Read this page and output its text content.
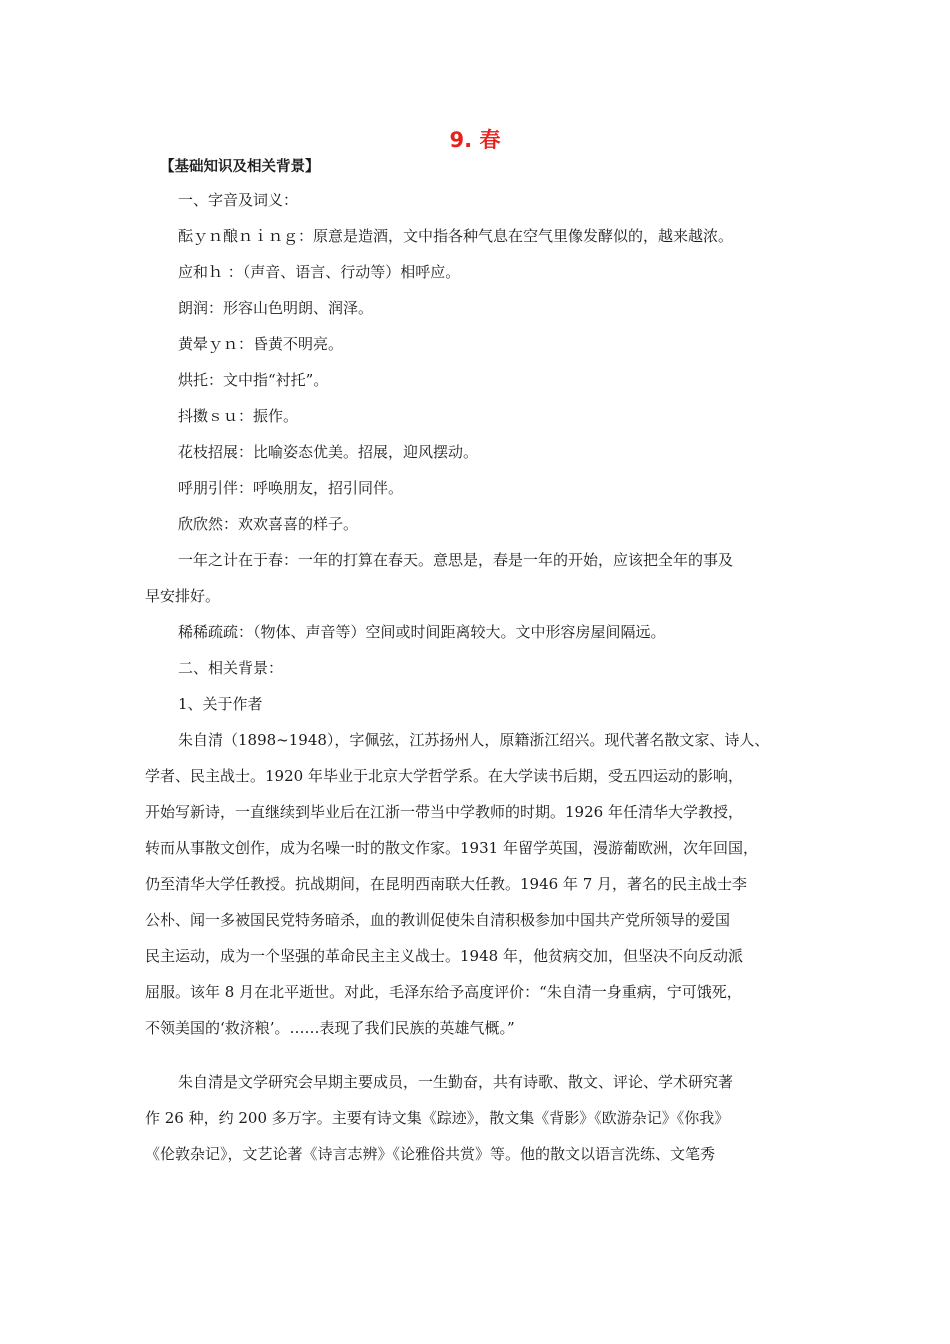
9. 春
【基础知识及相关背景】

一、字音及词义：

酝ｙｎ酿ｎｉｎｇ：原意是造酒，文中指各种气息在空气里像发酵似的，越来越浓。

应和ｈ ：（声音、语言、行动等）相呼应。

朗润：形容山色明朗、润泽。

黄晕ｙｎ：昏黄不明亮。

烘托：文中指“衬托”。

抖擞ｓｕ：振作。

花枝招展：比喻姿态优美。招展，迎风摆动。

呼朋引伴：呼唤朋友，招引同伴。

欣欣然：欢欢喜喜的样子。

一年之计在于春：一年的打算在春天。意思是，春是一年的开始，应该把全年的事及

早安排好。

稀稀疏疏：（物体、声音等）空间或时间距离较大。文中形容房屋间隔远。

二、相关背景：

1、关于作者

朱自清（1898~1948），字佩弦，江苏扬州人，原籍浙江绍兴。现代著名散文家、诗人、

学者、民主战士。1920 年毕业于北京大学哲学系。在大学读书后期，受五四运动的影响，

开始写新诗，一直继续到毕业后在江浙一带当中学教师的时期。1926 年任清华大学教授，

转而从事散文创作，成为名噪一时的散文作家。1931 年留学英国，漫游葡欧洲，次年回国，

仍至清华大学任教授。抗战期间，在昆明西南联大任教。1946 年 7 月，著名的民主战士李

公朴、闻一多被国民党特务暗杀，血的教训促使朱自清积极参加中国共产党所领导的爱国

民主运动，成为一个坚强的革命民主主义战士。1948 年，他贫病交加，但坚决不向反动派

屈服。该年 8 月在北平逝世。对此，毛泽东给予高度评价：“朱自清一身重病，宁可饿死，

不领美国的‘救济粮’。……表现了我们民族的英雄气概。”

朱自清是文学研究会早期主要成员，一生勤奋，共有诗歌、散文、评论、学术研究著

作 26 种，约 200 多万字。主要有诗文集《踪迹》，散文集《背影》《欧游杂记》《你我》

《伦敦杂记》，文艺论著《诗言志辨》《论雅俗共赏》等。他的散文以语言洗练、文笔秀
